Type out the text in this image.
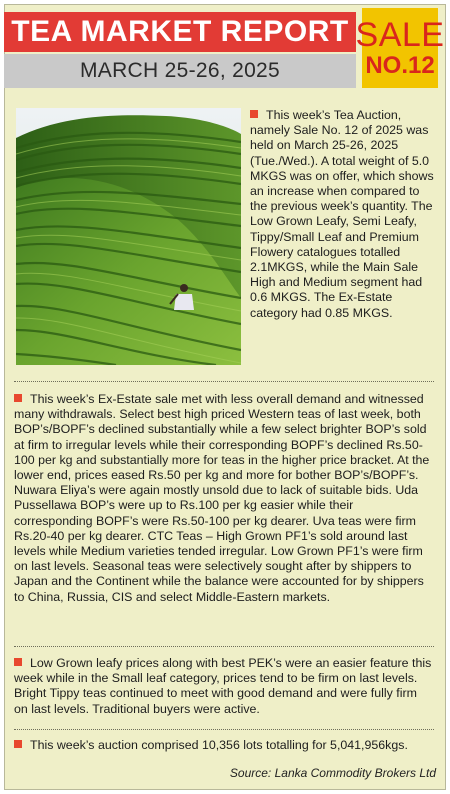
TEA MARKET REPORT
MARCH 25-26, 2025
SALE
NO.12
This week’s Tea Auction, namely Sale No. 12 of 2025 was held on March 25-26, 2025 (Tue./Wed.). A total weight of 5.0 MKGS was on offer, which shows an increase when compared to the previous week’s quantity. The Low Grown Leafy, Semi Leafy, Tippy/Small Leaf and Premium Flowery catalogues totalled 2.1MKGS, while the Main Sale High and Medium segment had 0.6 MKGS. The Ex-Estate category had 0.85 MKGS.
This week’s Ex-Estate sale met with less overall demand and witnessed many withdrawals. Select best high priced Western teas of last week, both BOP’s/BOPF’s declined substantially while a few select brighter BOP’s sold at firm to irregular levels while their corresponding BOPF’s declined Rs.50-100 per kg and substantially more for teas in the higher price bracket. At the lower end, prices eased Rs.50 per kg and more for bother BOP’s/BOPF’s. Nuwara Eliya’s were again mostly unsold due to lack of suitable bids. Uda Pussellawa BOP’s were up to Rs.100 per kg easier while their corresponding BOPF’s were Rs.50-100 per kg dearer. Uva teas were firm Rs.20-40 per kg dearer. CTC Teas – High Grown PF1’s sold around last levels while Medium varieties tended irregular. Low Grown PF1’s were firm on last levels. Seasonal teas were selectively sought after by shippers to Japan and the Continent while the balance were accounted for by shippers to China, Russia, CIS and select Middle-Eastern markets.
Low Grown leafy prices along with best PEK’s were an easier feature this week while in the Small leaf category, prices tend to be firm on last levels. Bright Tippy teas continued to meet with good demand and were fully firm on last levels. Traditional buyers were active.
This week’s auction comprised 10,356 lots totalling for 5,041,956kgs.
Source: Lanka Commodity Brokers Ltd
